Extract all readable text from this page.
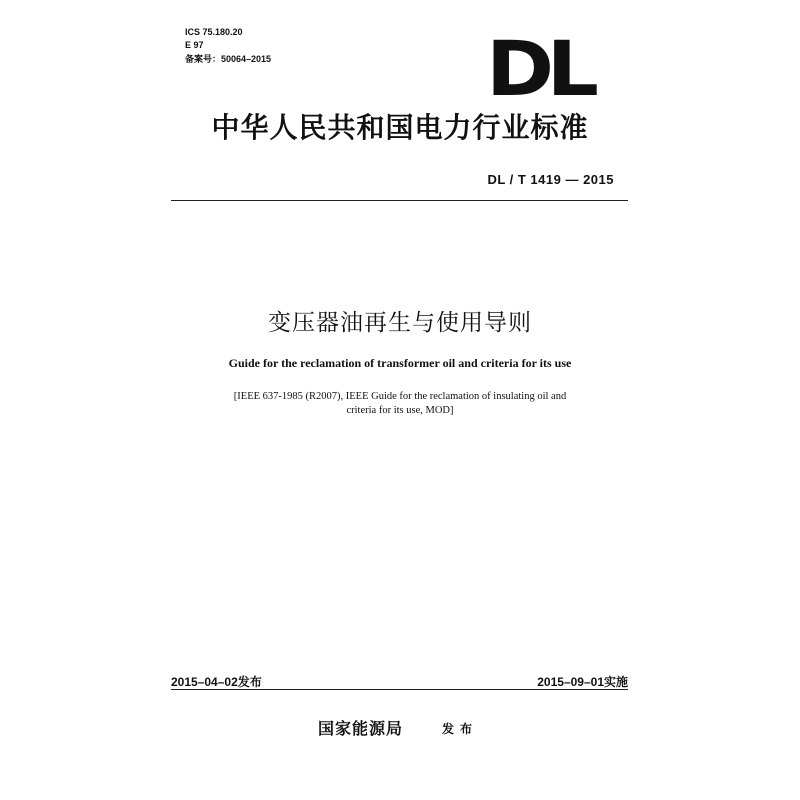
ICS 75.180.20
E 97
备案号：50064–2015	DL
中华人民共和国电力行业标准
DL / T 1419 — 2015
变压器油再生与使用导则
Guide for the reclamation of transformer oil and criteria for its use
[IEEE 637-1985 (R2007), IEEE Guide for the reclamation of insulating oil and
criteria for its use, MOD]
2015–04–02发布	2015–09–01实施
国家能源局	发布
